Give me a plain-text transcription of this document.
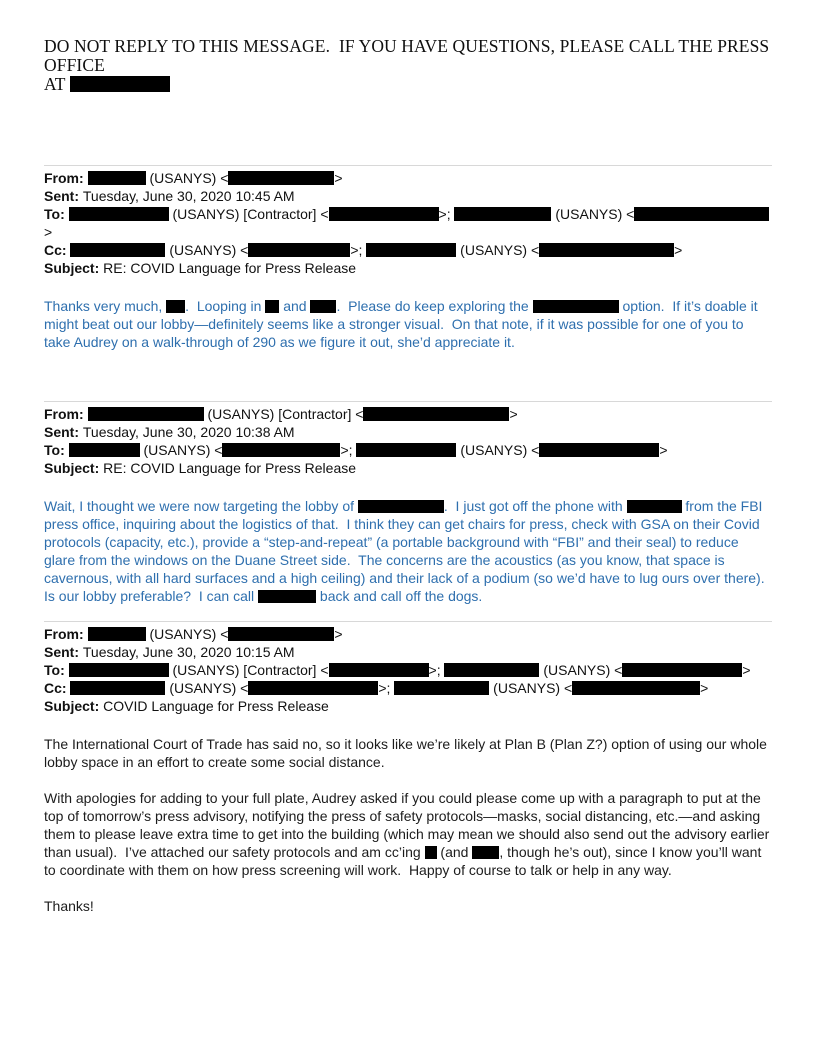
DO NOT REPLY TO THIS MESSAGE.  IF YOU HAVE QUESTIONS, PLEASE CALL THE PRESS OFFICE
AT
From:	(USANYS) <	>
Sent: Tuesday, June 30, 2020 10:45 AM
To:	(USANYS) [Contractor] <	>;	(USANYS) <>
Cc:	(USANYS) <	>;	(USANYS) <	>
Subject: RE: COVID Language for Press Release

Thanks very much, .  Looping in  and .  Please do keep exploring the	option.  If it’s doable it might beat out our lobby—definitely seems like a stronger visual.  On that note, if it was possible for one of you to take Audrey on a walk-through of 290 as we figure it out, she’d appreciate it.

From:	(USANYS) [Contractor] <	>
Sent: Tuesday, June 30, 2020 10:38 AM
To:	(USANYS) <	>;	(USANYS) <	>
Subject: RE: COVID Language for Press Release

Wait, I thought we were now targeting the lobby of	.  I just got off the phone with	from the FBI press office, inquiring about the logistics of that.  I think they can get chairs for press, check with GSA on their Covid protocols (capacity, etc.), provide a “step-and-repeat” (a portable background with “FBI” and their seal) to reduce glare from the windows on the Duane Street side.  The concerns are the acoustics (as you know, that space is cavernous, with all hard surfaces and a high ceiling) and their lack of a podium (so we’d have to lug ours over there).  Is our lobby preferable?  I can call	back and call off the dogs.

From:	(USANYS) <	>
Sent: Tuesday, June 30, 2020 10:15 AM
To:	(USANYS) [Contractor] <	>;	(USANYS) <	>
Cc:	(USANYS) <	>;	(USANYS) <	>
Subject: COVID Language for Press Release

The International Court of Trade has said no, so it looks like we’re likely at Plan B (Plan Z?) option of using our whole lobby space in an effort to create some social distance.

With apologies for adding to your full plate, Audrey asked if you could please come up with a paragraph to put at the top of tomorrow’s press advisory, notifying the press of safety protocols—masks, social distancing, etc.—and asking them to please leave extra time to get into the building (which may mean we should also send out the advisory earlier than usual).  I’ve attached our safety protocols and am cc’ing  (and , though he’s out), since I know you’ll want to coordinate with them on how press screening will work.  Happy of course to talk or help in any way.

Thanks!
